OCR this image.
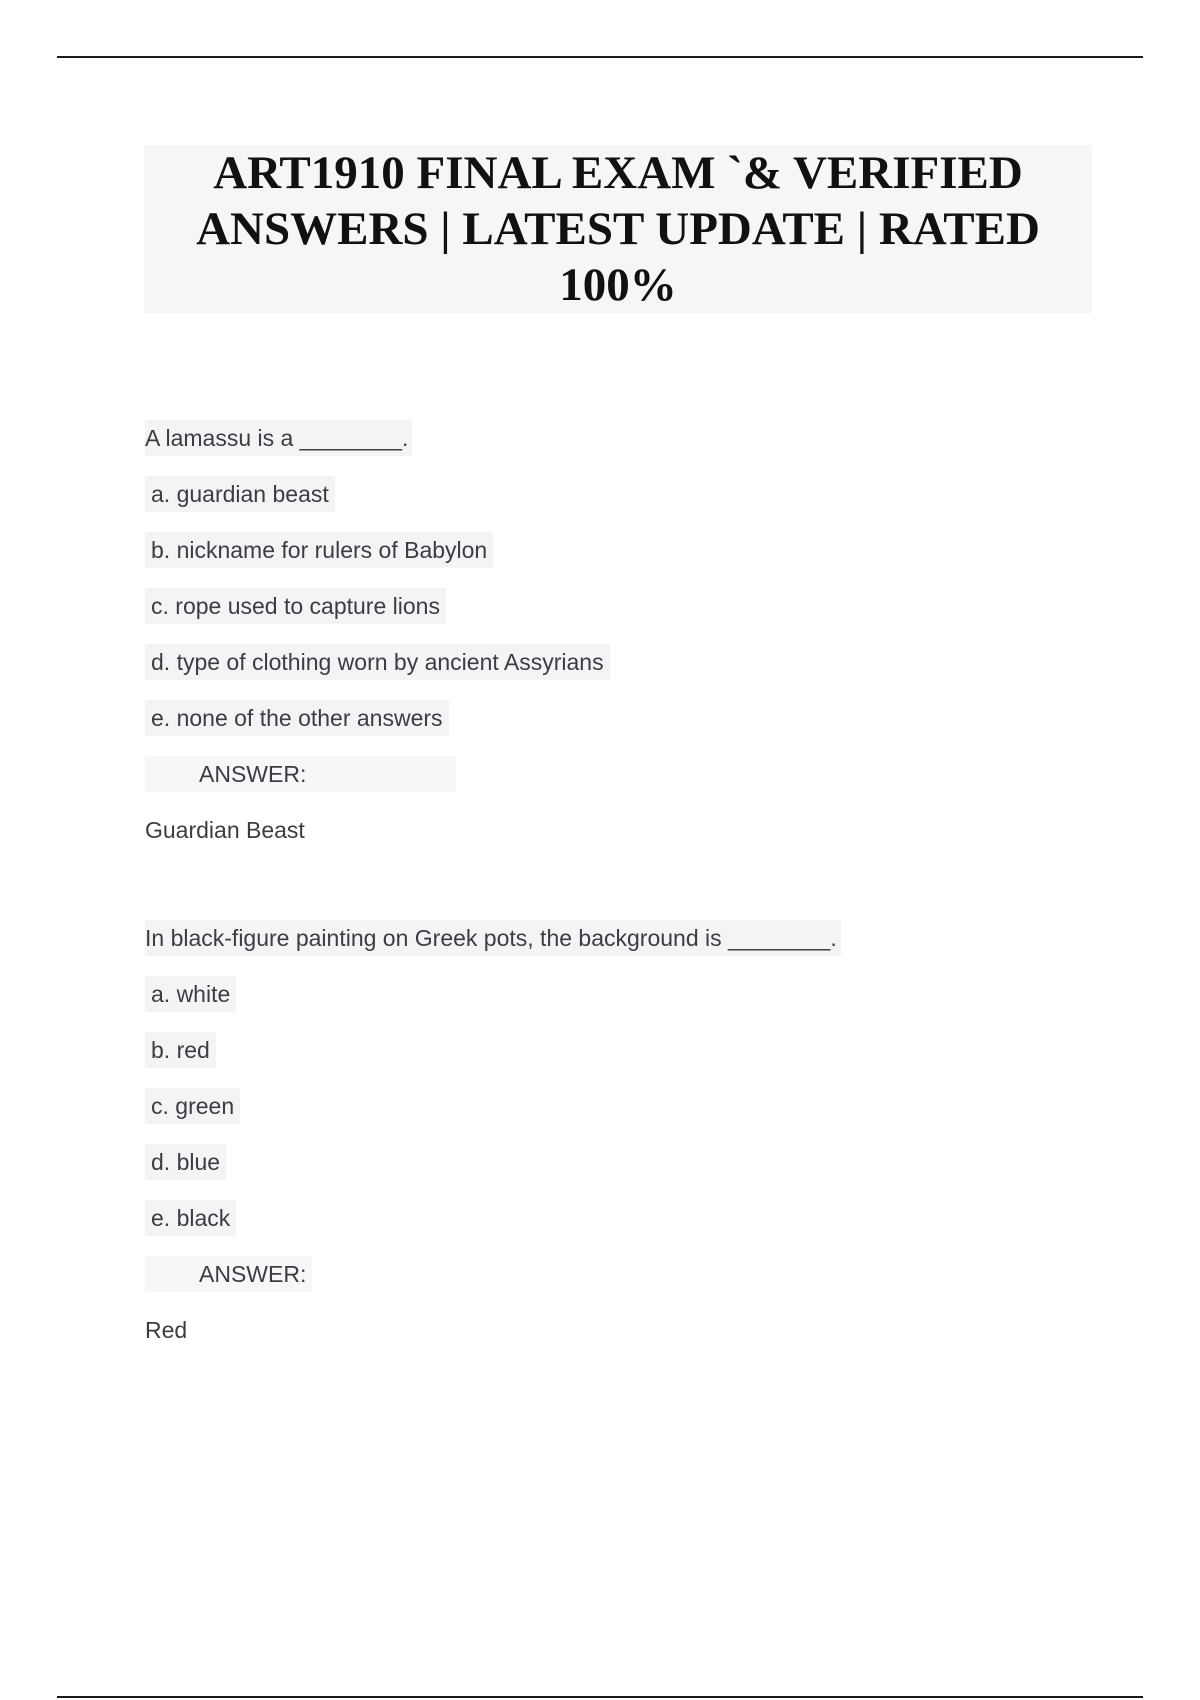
ART1910 FINAL EXAM `& VERIFIED ANSWERS | LATEST UPDATE | RATED 100%
A lamassu is a ________.
a. guardian beast
b. nickname for rulers of Babylon
c. rope used to capture lions
d. type of clothing worn by ancient Assyrians
e. none of the other answers
ANSWER:
Guardian Beast
In black-figure painting on Greek pots, the background is ________.
a. white
b. red
c. green
d. blue
e. black
ANSWER:
Red
